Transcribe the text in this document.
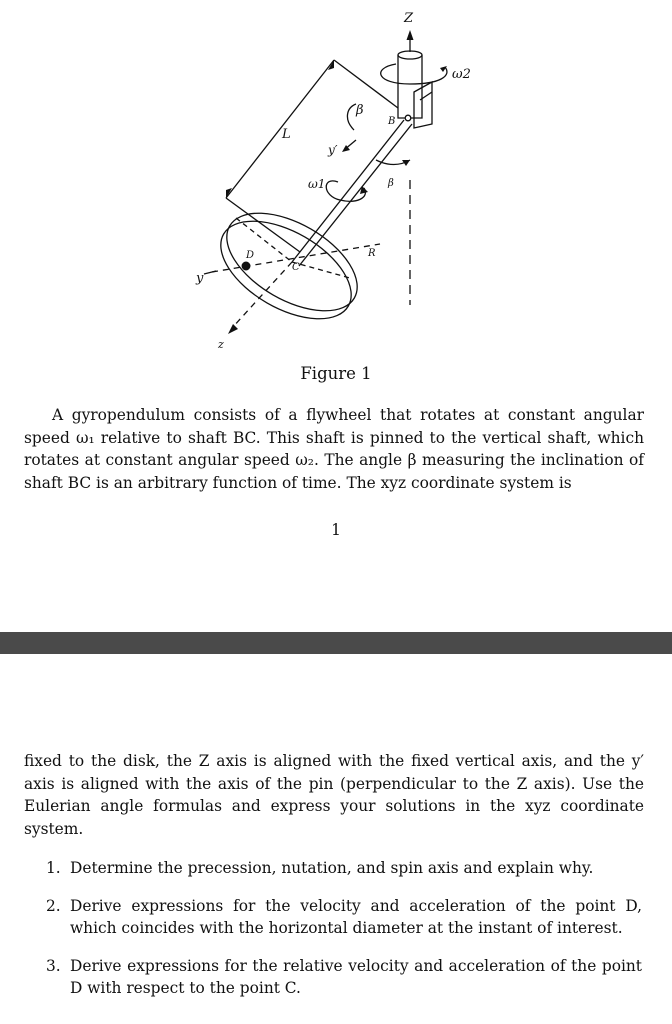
Z
ω2
β
B
L
y′
ω1	β
D	R
C
y
z
Figure 1

A gyropendulum consists of a flywheel that rotates at constant angular speed ω₁ relative to shaft BC. This shaft is pinned to the vertical shaft, which rotates at constant angular speed ω₂. The angle β measuring the inclination of shaft BC is an arbitrary function of time. The xyz coordinate system is

1

fixed to the disk, the Z axis is aligned with the fixed vertical axis, and the y′ axis is aligned with the axis of the pin (perpendicular to the Z axis). Use the Eulerian angle formulas and express your solutions in the xyz coordinate system.

1. Determine the precession, nutation, and spin axis and explain why.
2. Derive expressions for the velocity and acceleration of the point D, which coincides with the horizontal diameter at the instant of interest.
3. Derive expressions for the relative velocity and acceleration of the point D with respect to the point C.
